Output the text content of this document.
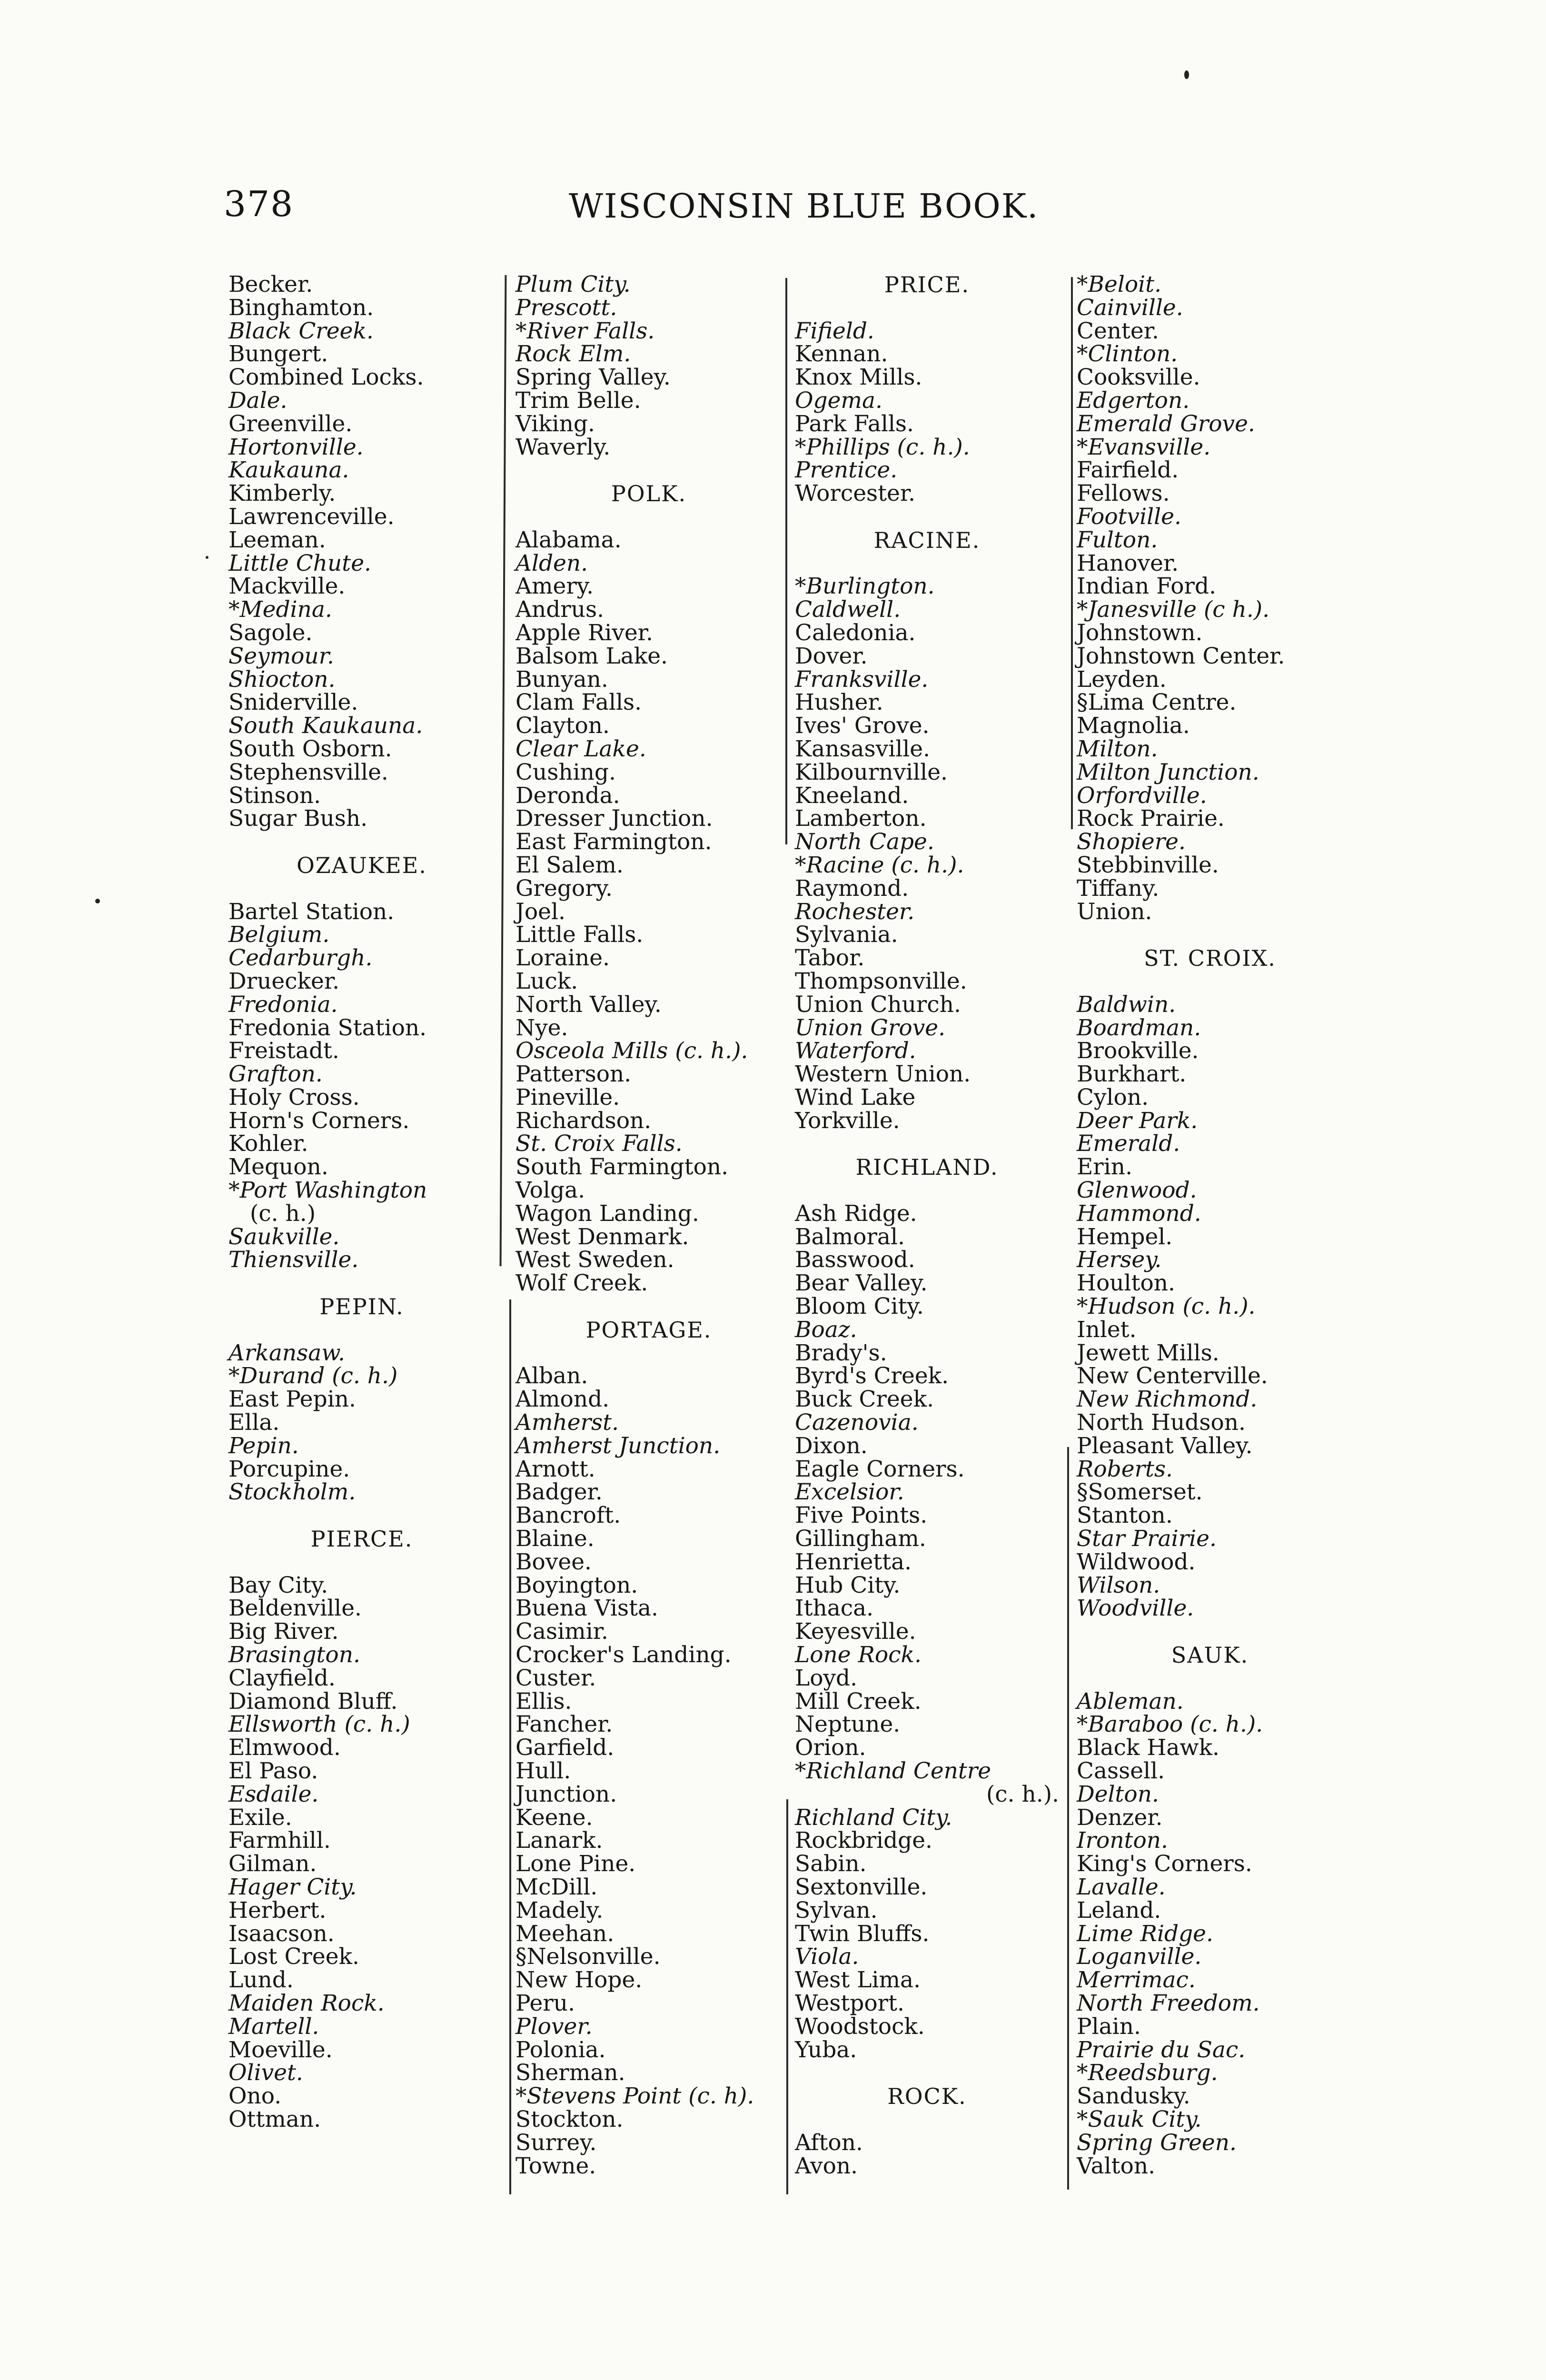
378	WISCONSIN BLUE BOOK.
Becker.
Binghamton.
Black Creek.
Bungert.
Combined Locks.
Dale.
Greenville.
Hortonville.
Kaukauna.
Kimberly.
Lawrenceville.
Leeman.
Little Chute.
Mackville.
*Medina.
Sagole.
Seymour.
Shiocton.
Sniderville.
South Kaukauna.
South Osborn.
Stephensville.
Stinson.
Sugar Bush.
OZAUKEE.
Bartel Station.
Belgium.
Cedarburgh.
Druecker.
Fredonia.
Fredonia Station.
Freistadt.
Grafton.
Holy Cross.
Horn's Corners.
Kohler.
Mequon.
*Port Washington
(c. h.)
Saukville.
Thiensville.
PEPIN.
Arkansaw.
*Durand (c. h.)
East Pepin.
Ella.
Pepin.
Porcupine.
Stockholm.
PIERCE.
Bay City.
Beldenville.
Big River.
Brasington.
Clayfield.
Diamond Bluff.
Ellsworth (c. h.)
Elmwood.
El Paso.
Esdaile.
Exile.
Farmhill.
Gilman.
Hager City.
Herbert.
Isaacson.
Lost Creek.
Lund.
Maiden Rock.
Martell.
Moeville.
Olivet.
Ono.
Ottman.
Plum City.
Prescott.
*River Falls.
Rock Elm.
Spring Valley.
Trim Belle.
Viking.
Waverly.
POLK.
Alabama.
Alden.
Amery.
Andrus.
Apple River.
Balsom Lake.
Bunyan.
Clam Falls.
Clayton.
Clear Lake.
Cushing.
Deronda.
Dresser Junction.
East Farmington.
El Salem.
Gregory.
Joel.
Little Falls.
Loraine.
Luck.
North Valley.
Nye.
Osceola Mills (c. h.).
Patterson.
Pineville.
Richardson.
St. Croix Falls.
South Farmington.
Volga.
Wagon Landing.
West Denmark.
West Sweden.
Wolf Creek.
PORTAGE.
Alban.
Almond.
Amherst.
Amherst Junction.
Arnott.
Badger.
Bancroft.
Blaine.
Bovee.
Boyington.
Buena Vista.
Casimir.
Crocker's Landing.
Custer.
Ellis.
Fancher.
Garfield.
Hull.
Junction.
Keene.
Lanark.
Lone Pine.
McDill.
Madely.
Meehan.
§Nelsonville.
New Hope.
Peru.
Plover.
Polonia.
Sherman.
*Stevens Point (c. h).
Stockton.
Surrey.
Towne.
PRICE.
Fifield.
Kennan.
Knox Mills.
Ogema.
Park Falls.
*Phillips (c. h.).
Prentice.
Worcester.
RACINE.
*Burlington.
Caldwell.
Caledonia.
Dover.
Franksville.
Husher.
Ives' Grove.
Kansasville.
Kilbournville.
Kneeland.
Lamberton.
North Cape.
*Racine (c. h.).
Raymond.
Rochester.
Sylvania.
Tabor.
Thompsonville.
Union Church.
Union Grove.
Waterford.
Western Union.
Wind Lake
Yorkville.
RICHLAND.
Ash Ridge.
Balmoral.
Basswood.
Bear Valley.
Bloom City.
Boaz.
Brady's.
Byrd's Creek.
Buck Creek.
Cazenovia.
Dixon.
Eagle Corners.
Excelsior.
Five Points.
Gillingham.
Henrietta.
Hub City.
Ithaca.
Keyesville.
Lone Rock.
Loyd.
Mill Creek.
Neptune.
Orion.
*Richland Centre
(c. h.).
Richland City.
Rockbridge.
Sabin.
Sextonville.
Sylvan.
Twin Bluffs.
Viola.
West Lima.
Westport.
Woodstock.
Yuba.
ROCK.
Afton.
Avon.
*Beloit.
Cainville.
Center.
*Clinton.
Cooksville.
Edgerton.
Emerald Grove.
*Evansville.
Fairfield.
Fellows.
Footville.
Fulton.
Hanover.
Indian Ford.
*Janesville (c h.).
Johnstown.
Johnstown Center.
Leyden.
§Lima Centre.
Magnolia.
Milton.
Milton Junction.
Orfordville.
Rock Prairie.
Shopiere.
Stebbinville.
Tiffany.
Union.
ST. CROIX.
Baldwin.
Boardman.
Brookville.
Burkhart.
Cylon.
Deer Park.
Emerald.
Erin.
Glenwood.
Hammond.
Hempel.
Hersey.
Houlton.
*Hudson (c. h.).
Inlet.
Jewett Mills.
New Centerville.
New Richmond.
North Hudson.
Pleasant Valley.
Roberts.
§Somerset.
Stanton.
Star Prairie.
Wildwood.
Wilson.
Woodville.
SAUK.
Ableman.
*Baraboo (c. h.).
Black Hawk.
Cassell.
Delton.
Denzer.
Ironton.
King's Corners.
Lavalle.
Leland.
Lime Ridge.
Loganville.
Merrimac.
North Freedom.
Plain.
Prairie du Sac.
*Reedsburg.
Sandusky.
*Sauk City.
Spring Green.
Valton.
